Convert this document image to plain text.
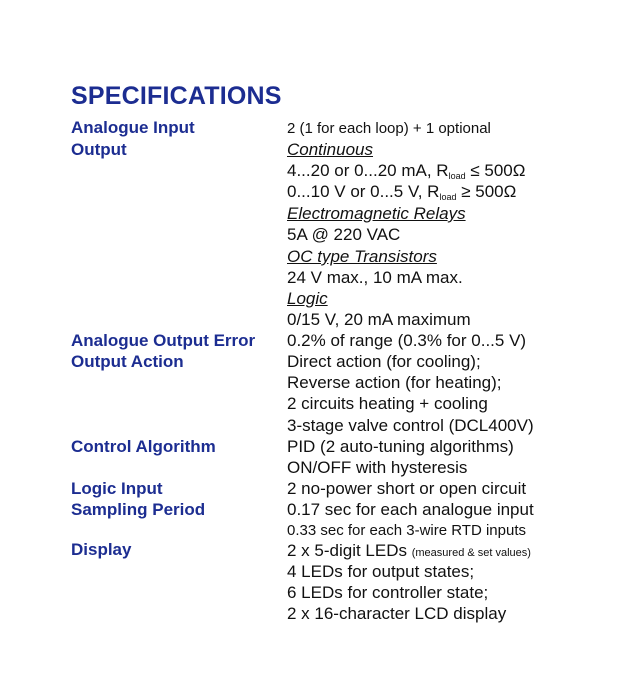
SPECIFICATIONS
Analogue Input
Output
Analogue Output Error
Output Action
Control Algorithm
Logic Input
Sampling Period
Display
2 (1 for each loop) + 1 optional
Continuous
4...20 or 0...20 mA, $R_{load} \le 500\Omega$
0...10 V or 0...5 V, $R_{load} \ge 500\Omega$
Electromagnetic Relays
5A @ 220 VAC
OC type Transistors
24 V max., 10 mA max.
Logic
0/15 V, 20 mA maximum
0.2% of range (0.3% for 0...5 V)
Direct action (for cooling);
Reverse action (for heating);
2 circuits heating + cooling
3-stage valve control (DCL400V)
PID (2 auto-tuning algorithms)
ON/OFF with hysteresis
2 no-power short or open circuit
0.17 sec for each analogue input
0.33 sec for each 3-wire RTD inputs
2 x 5-digit LEDs (measured & set values)
4 LEDs for output states;
6 LEDs for controller state;
2 x 16-character LCD display
